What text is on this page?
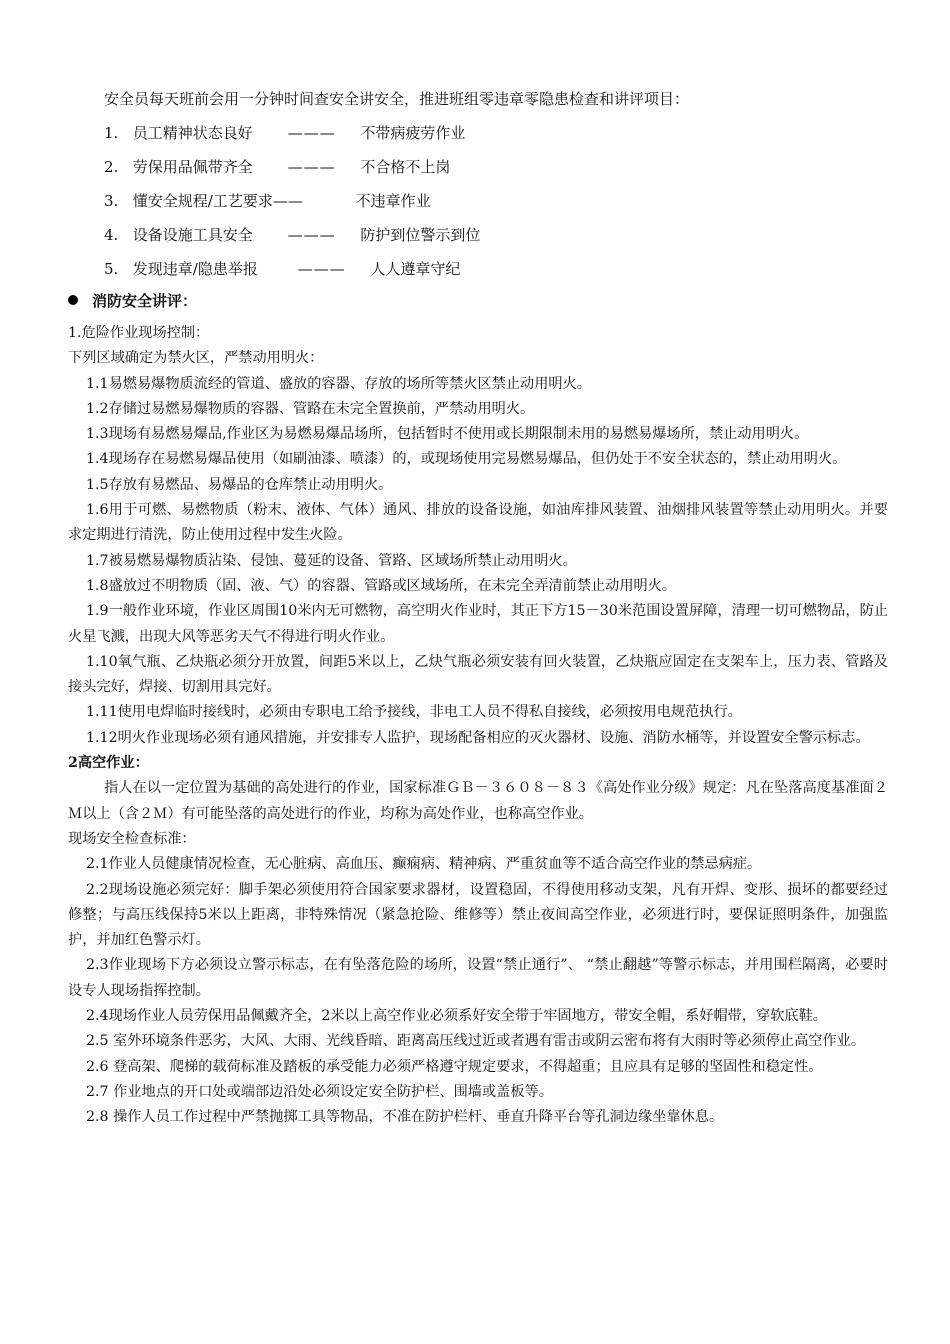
安全员每天班前会用一分钟时间查安全讲安全，推进班组零违章零隐患检查和讲评项目：
1. 员工精神状态良好 ——— 不带病疲劳作业
2. 劳保用品佩带齐全 ——— 不合格不上岗
3. 懂安全规程/工艺要求——	不违章作业
4. 设备设施工具安全 ——— 防护到位警示到位
5. 发现违章/隐患举报	——— 人人遵章守纪
消防安全讲评：

1.危险作业现场控制：

下列区域确定为禁火区，严禁动用明火：

1.1易燃易爆物质流经的管道、盛放的容器、存放的场所等禁火区禁止动用明火。

1.2存储过易燃易爆物质的容器、管路在未完全置换前，严禁动用明火。

1.3现场有易燃易爆品,作业区为易燃易爆品场所，包括暂时不使用或长期限制未用的易燃易爆场所，禁止动用明火。

1.4现场存在易燃易爆品使用（如刷油漆、喷漆）的，或现场使用完易燃易爆品，但仍处于不安全状态的，禁止动用明火。

1.5存放有易燃品、易爆品的仓库禁止动用明火。

1.6用于可燃、易燃物质（粉末、液体、气体）通风、排放的设备设施，如油库排风装置、油烟排风装置等禁止动用明火。并要求定期进行清洗，防止使用过程中发生火险。

1.7被易燃易爆物质沾染、侵蚀、蔓延的设备、管路、区域场所禁止动用明火。

1.8盛放过不明物质（固、液、气）的容器、管路或区域场所，在未完全弄清前禁止动用明火。

1.9一般作业环境，作业区周围10米内无可燃物，高空明火作业时，其正下方15－30米范围设置屏障，清理一切可燃物品，防止火星飞溅，出现大风等恶劣天气不得进行明火作业。

1.10氧气瓶、乙炔瓶必须分开放置，间距5米以上，乙炔气瓶必须安装有回火装置，乙炔瓶应固定在支架车上，压力表、管路及接头完好，焊接、切割用具完好。

1.11使用电焊临时接线时，必须由专职电工给予接线，非电工人员不得私自接线，必须按用电规范执行。

1.12明火作业现场必须有通风措施，并安排专人监护，现场配备相应的灭火器材、设施、消防水桶等，并设置安全警示标志。

2高空作业：

指人在以一定位置为基础的高处进行的作业，国家标准ＧＢ－３６０８－８３《高处作业分级》规定：凡在坠落高度基准面２Ｍ以上（含２Ｍ）有可能坠落的高处进行的作业，均称为高处作业，也称高空作业。

现场安全检查标准：

2.1作业人员健康情况检查，无心脏病、高血压、癫痫病、精神病、严重贫血等不适合高空作业的禁忌病症。

2.2现场设施必须完好：脚手架必须使用符合国家要求器材，设置稳固，不得使用移动支架，凡有开焊、变形、损坏的都要经过修整；与高压线保持5米以上距离，非特殊情况（紧急抢险、维修等）禁止夜间高空作业，必须进行时，要保证照明条件，加强监护，并加红色警示灯。

2.3作业现场下方必须设立警示标志，在有坠落危险的场所，设置“禁止通行”、 “禁止翻越”等警示标志，并用围栏隔离，必要时设专人现场指挥控制。

2.4现场作业人员劳保用品佩戴齐全，2米以上高空作业必须系好安全带于牢固地方，带安全帽，系好帽带，穿软底鞋。

2.5 室外环境条件恶劣，大风、大雨、光线昏暗、距离高压线过近或者遇有雷击或阴云密布将有大雨时等必须停止高空作业。

2.6 登高架、爬梯的载荷标准及踏板的承受能力必须严格遵守规定要求，不得超重；且应具有足够的坚固性和稳定性。

2.7 作业地点的开口处或端部边沿处必须设定安全防护栏、围墙或盖板等。

2.8 操作人员工作过程中严禁抛掷工具等物品，不准在防护栏杆、垂直升降平台等孔洞边缘坐靠休息。
